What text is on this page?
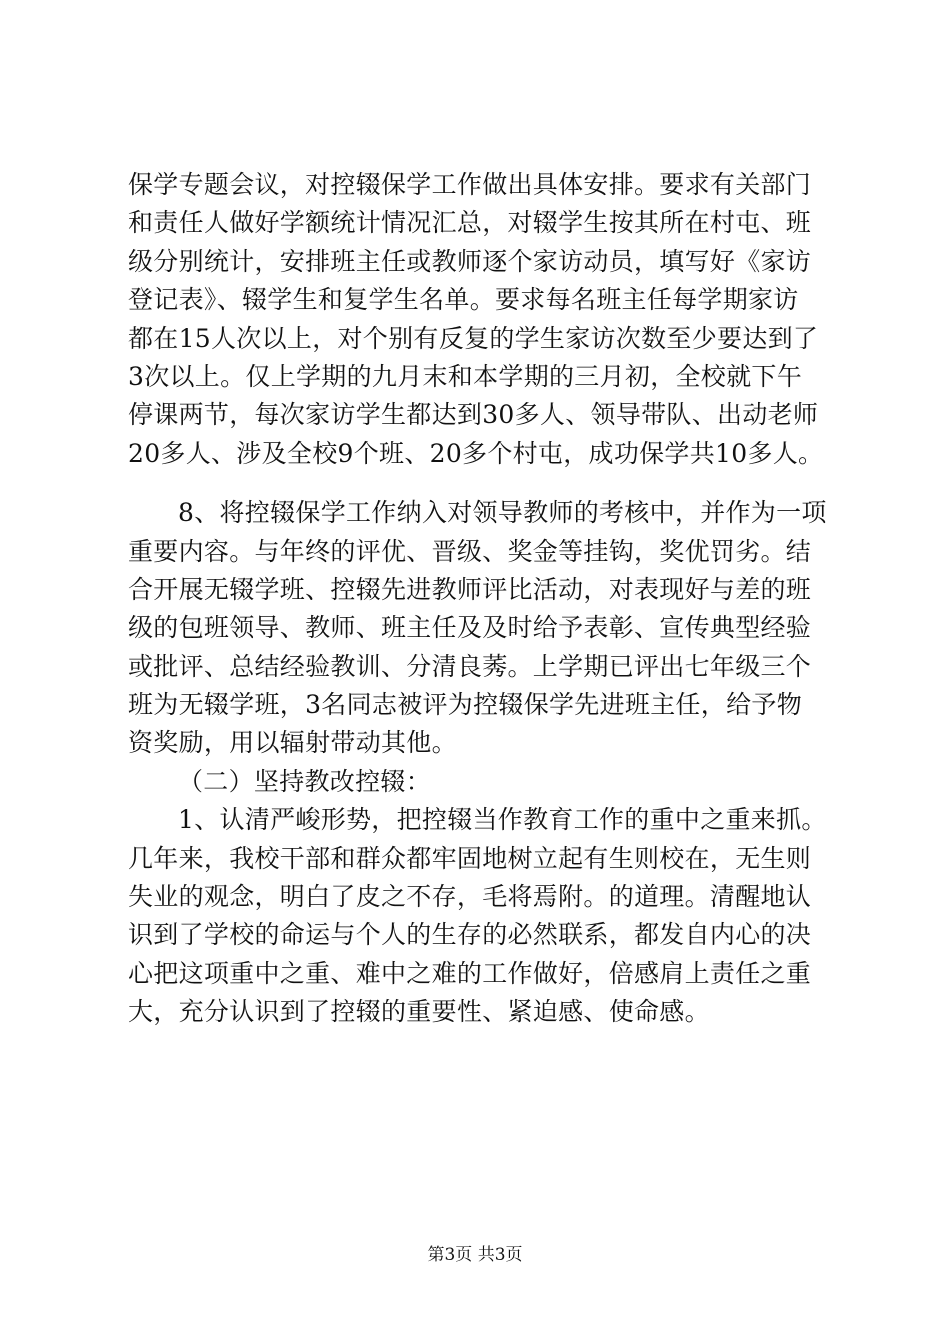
保学专题会议，对控辍保学工作做出具体安排。要求有关部门
和责任人做好学额统计情况汇总，对辍学生按其所在村屯、班
级分别统计，安排班主任或教师逐个家访动员，填写好《家访
登记表》、辍学生和复学生名单。要求每名班主任每学期家访
都在15人次以上，对个别有反复的学生家访次数至少要达到了
3次以上。仅上学期的九月末和本学期的三月初，全校就下午
停课两节，每次家访学生都达到30多人、领导带队、出动老师
20多人、涉及全校9个班、20多个村屯，成功保学共10多人。
8、将控辍保学工作纳入对领导教师的考核中，并作为一项
重要内容。与年终的评优、晋级、奖金等挂钩，奖优罚劣。结
合开展无辍学班、控辍先进教师评比活动，对表现好与差的班
级的包班领导、教师、班主任及及时给予表彰、宣传典型经验
或批评、总结经验教训、分清良莠。上学期已评出七年级三个
班为无辍学班，3名同志被评为控辍保学先进班主任，给予物
资奖励，用以辐射带动其他。
（二）坚持教改控辍：
1、认清严峻形势，把控辍当作教育工作的重中之重来抓。
几年来，我校干部和群众都牢固地树立起有生则校在，无生则
失业的观念，明白了皮之不存，毛将焉附。的道理。清醒地认
识到了学校的命运与个人的生存的必然联系，都发自内心的决
心把这项重中之重、难中之难的工作做好，倍感肩上责任之重
大，充分认识到了控辍的重要性、紧迫感、使命感。
第3页 共3页
